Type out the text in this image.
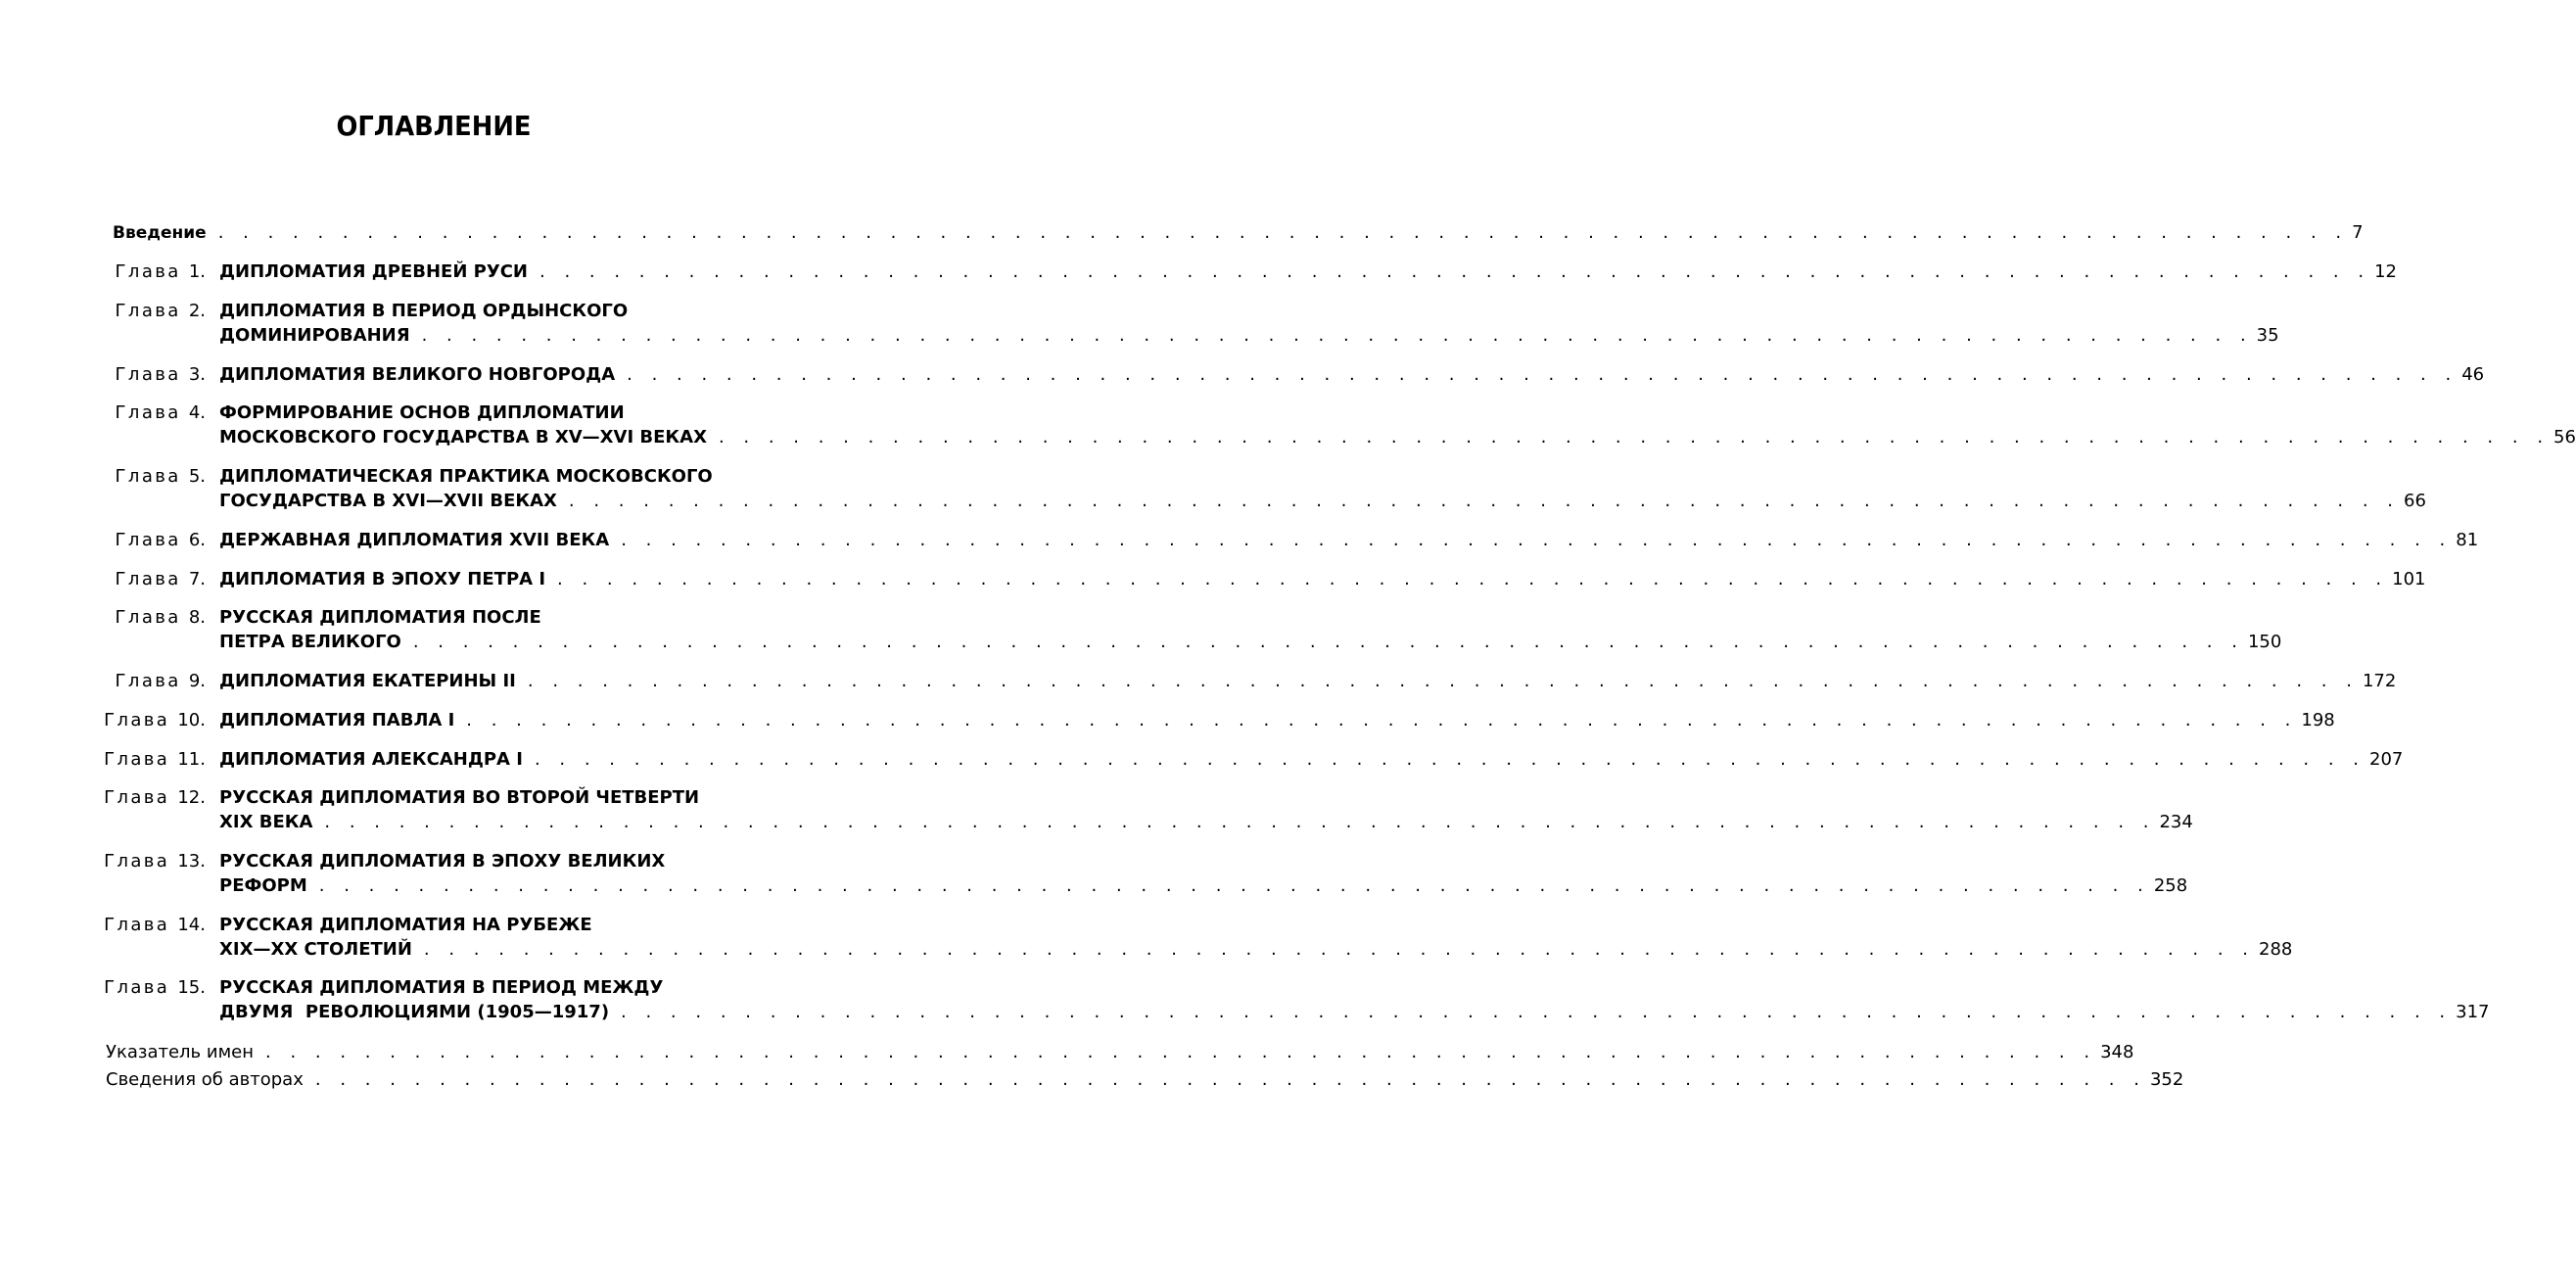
ОГЛАВЛЕНИЕ
Введение . . . . . . . . . . . . . . . . . . . . . . . . . . . . . . . . . . . . . . . . . . . . . . . . . . . . . . . . . . . . . . . . . . . . . . . . . . . . . . . . . . . . . . 7
Глава 1. ДИПЛОМАТИЯ ДРЕВНЕЙ РУСИ . . . . . . . . . . . . . . . . . . . . . . . . . . . . . . . . . . . . . . . . . . . . . . . . . . . . . . . . . . . . . . . . . . . . . . . . . . 12
Глава 2. ДИПЛОМАТИЯ В ПЕРИОД ОРДЫНСКОГО
ДОМИНИРОВАНИЯ . . . . . . . . . . . . . . . . . . . . . . . . . . . . . . . . . . . . . . . . . . . . . . . . . . . . . . . . . . . . . . . . . . . . . . . . . . 35
Глава 3. ДИПЛОМАТИЯ ВЕЛИКОГО НОВГОРОДА . . . . . . . . . . . . . . . . . . . . . . . . . . . . . . . . . . . . . . . . . . . . . . . . . . . . . . . . . . . . . . . . . . . . . . . . . . 46
Глава 4. ФОРМИРОВАНИЕ ОСНОВ ДИПЛОМАТИИ
МОСКОВСКОГО ГОСУДАРСТВА В XV—XVI ВЕКАХ . . . . . . . . . . . . . . . . . . . . . . . . . . . . . . . . . . . . . . . . . . . . . . . . . . . . . . . . . . . . . . . . . . . . . . . . . . 56
Глава 5. ДИПЛОМАТИЧЕСКАЯ ПРАКТИКА МОСКОВСКОГО
ГОСУДАРСТВА В XVI—XVII ВЕКАХ . . . . . . . . . . . . . . . . . . . . . . . . . . . . . . . . . . . . . . . . . . . . . . . . . . . . . . . . . . . . . . . . . . . . . . . . . . 66
Глава 6. ДЕРЖАВНАЯ ДИПЛОМАТИЯ XVII ВЕКА . . . . . . . . . . . . . . . . . . . . . . . . . . . . . . . . . . . . . . . . . . . . . . . . . . . . . . . . . . . . . . . . . . . . . . . . . . 81
Глава 7. ДИПЛОМАТИЯ В ЭПОХУ ПЕТРА I . . . . . . . . . . . . . . . . . . . . . . . . . . . . . . . . . . . . . . . . . . . . . . . . . . . . . . . . . . . . . . . . . . . . . . . . . . 101
Глава 8. РУССКАЯ ДИПЛОМАТИЯ ПОСЛЕ
ПЕТРА ВЕЛИКОГО . . . . . . . . . . . . . . . . . . . . . . . . . . . . . . . . . . . . . . . . . . . . . . . . . . . . . . . . . . . . . . . . . . . . . . . . . . 150
Глава 9. ДИПЛОМАТИЯ ЕКАТЕРИНЫ II . . . . . . . . . . . . . . . . . . . . . . . . . . . . . . . . . . . . . . . . . . . . . . . . . . . . . . . . . . . . . . . . . . . . . . . . . . 172
Глава 10. ДИПЛОМАТИЯ ПАВЛА I . . . . . . . . . . . . . . . . . . . . . . . . . . . . . . . . . . . . . . . . . . . . . . . . . . . . . . . . . . . . . . . . . . . . . . . . . . 198
Глава 11. ДИПЛОМАТИЯ АЛЕКСАНДРА I . . . . . . . . . . . . . . . . . . . . . . . . . . . . . . . . . . . . . . . . . . . . . . . . . . . . . . . . . . . . . . . . . . . . . . . . . . 207
Глава 12. РУССКАЯ ДИПЛОМАТИЯ ВО ВТОРОЙ ЧЕТВЕРТИ
XIX ВЕКА . . . . . . . . . . . . . . . . . . . . . . . . . . . . . . . . . . . . . . . . . . . . . . . . . . . . . . . . . . . . . . . . . . . . . . . . . . 234
Глава 13. РУССКАЯ ДИПЛОМАТИЯ В ЭПОХУ ВЕЛИКИХ
РЕФОРМ . . . . . . . . . . . . . . . . . . . . . . . . . . . . . . . . . . . . . . . . . . . . . . . . . . . . . . . . . . . . . . . . . . . . . . . . . . 258
Глава 14. РУССКАЯ ДИПЛОМАТИЯ НА РУБЕЖЕ
XIX—XX СТОЛЕТИЙ . . . . . . . . . . . . . . . . . . . . . . . . . . . . . . . . . . . . . . . . . . . . . . . . . . . . . . . . . . . . . . . . . . . . . . . . . . 288
Глава 15. РУССКАЯ ДИПЛОМАТИЯ В ПЕРИОД МЕЖДУ
ДВУМЯ  РЕВОЛЮЦИЯМИ (1905—1917) . . . . . . . . . . . . . . . . . . . . . . . . . . . . . . . . . . . . . . . . . . . . . . . . . . . . . . . . . . . . . . . . . . . . . . . . . . 317
Указатель имен . . . . . . . . . . . . . . . . . . . . . . . . . . . . . . . . . . . . . . . . . . . . . . . . . . . . . . . . . . . . . . . . . . . . . . . . . . 348
Сведения об авторах . . . . . . . . . . . . . . . . . . . . . . . . . . . . . . . . . . . . . . . . . . . . . . . . . . . . . . . . . . . . . . . . . . . . . . . . . . 352
